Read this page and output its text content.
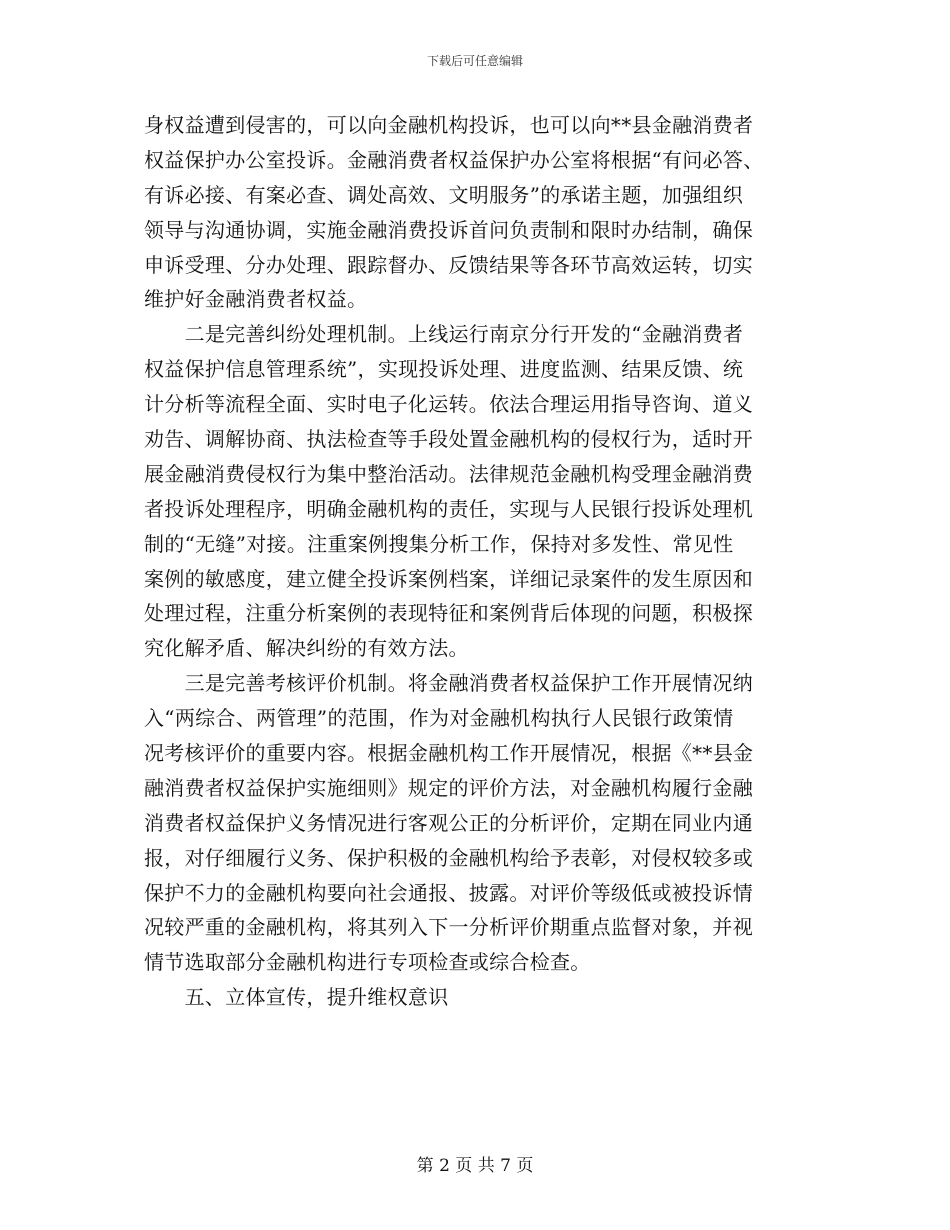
下载后可任意编辑
身权益遭到侵害的，可以向金融机构投诉，也可以向**县金融消费者
权益保护办公室投诉。金融消费者权益保护办公室将根据“有问必答、
有诉必接、有案必查、调处高效、文明服务”的承诺主题，加强组织
领导与沟通协调，实施金融消费投诉首问负责制和限时办结制，确保
申诉受理、分办处理、跟踪督办、反馈结果等各环节高效运转，切实
维护好金融消费者权益。
　　二是完善纠纷处理机制。上线运行南京分行开发的“金融消费者
权益保护信息管理系统”，实现投诉处理、进度监测、结果反馈、统
计分析等流程全面、实时电子化运转。依法合理运用指导咨询、道义
劝告、调解协商、执法检查等手段处置金融机构的侵权行为，适时开
展金融消费侵权行为集中整治活动。法律规范金融机构受理金融消费
者投诉处理程序，明确金融机构的责任，实现与人民银行投诉处理机
制的“无缝”对接。注重案例搜集分析工作，保持对多发性、常见性
案例的敏感度，建立健全投诉案例档案，详细记录案件的发生原因和
处理过程，注重分析案例的表现特征和案例背后体现的问题，积极探
究化解矛盾、解决纠纷的有效方法。
　　三是完善考核评价机制。将金融消费者权益保护工作开展情况纳
入“两综合、两管理”的范围，作为对金融机构执行人民银行政策情
况考核评价的重要内容。根据金融机构工作开展情况，根据《**县金
融消费者权益保护实施细则》规定的评价方法，对金融机构履行金融
消费者权益保护义务情况进行客观公正的分析评价，定期在同业内通
报，对仔细履行义务、保护积极的金融机构给予表彰，对侵权较多或
保护不力的金融机构要向社会通报、披露。对评价等级低或被投诉情
况较严重的金融机构，将其列入下一分析评价期重点监督对象，并视
情节选取部分金融机构进行专项检查或综合检查。
　　五、立体宣传，提升维权意识
第 2 页 共 7 页
